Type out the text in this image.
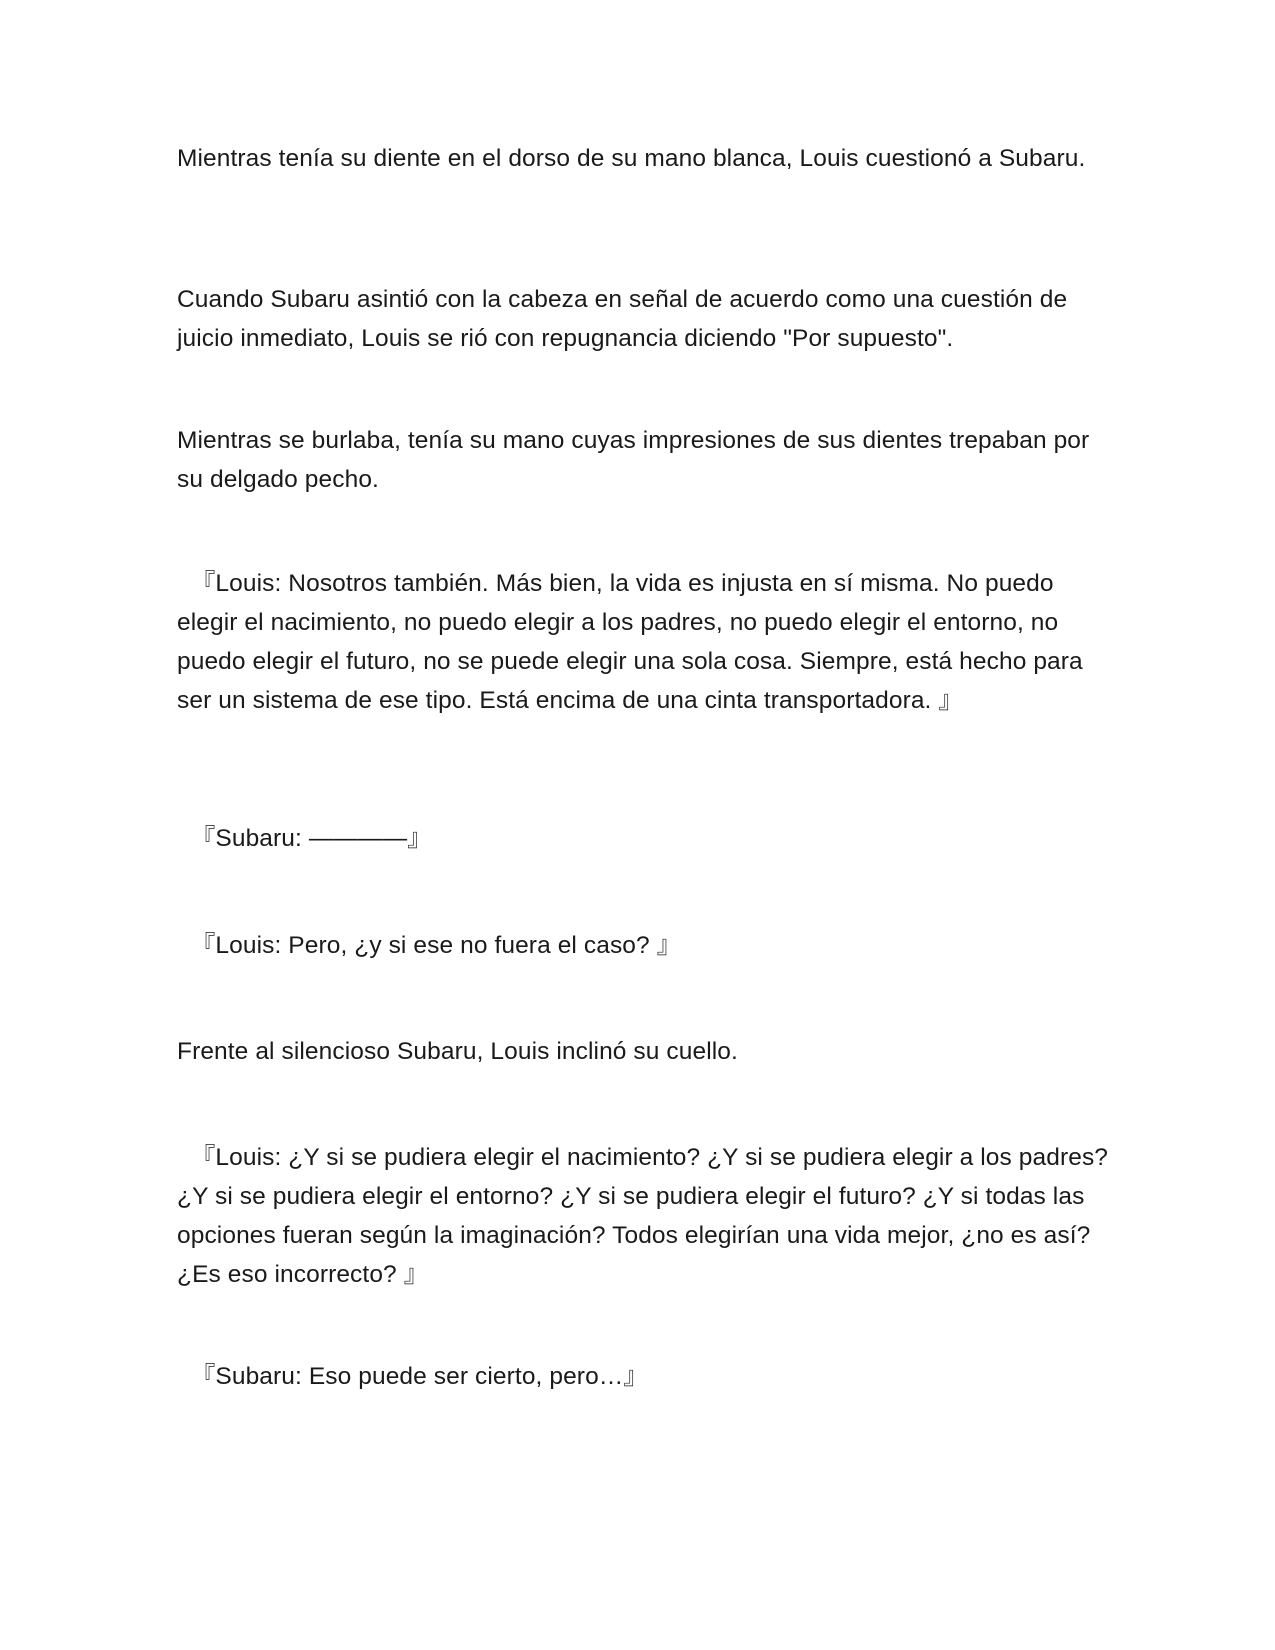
Mientras tenía su diente en el dorso de su mano blanca, Louis cuestionó a Subaru.

Cuando Subaru asintió con la cabeza en señal de acuerdo como una cuestión de juicio inmediato, Louis se rió con repugnancia diciendo "Por supuesto".

Mientras se burlaba, tenía su mano cuyas impresiones de sus dientes trepaban por su delgado pecho.

『Louis: Nosotros también. Más bien, la vida es injusta en sí misma. No puedo elegir el nacimiento, no puedo elegir a los padres, no puedo elegir el entorno, no puedo elegir el futuro, no se puede elegir una sola cosa. Siempre, está hecho para ser un sistema de ese tipo. Está encima de una cinta transportadora. 』

『Subaru: ————』

『Louis: Pero, ¿y si ese no fuera el caso? 』

Frente al silencioso Subaru, Louis inclinó su cuello.

『Louis: ¿Y si se pudiera elegir el nacimiento? ¿Y si se pudiera elegir a los padres? ¿Y si se pudiera elegir el entorno? ¿Y si se pudiera elegir el futuro? ¿Y si todas las opciones fueran según la imaginación? Todos elegirían una vida mejor, ¿no es así? ¿Es eso incorrecto? 』

『Subaru: Eso puede ser cierto, pero…』
